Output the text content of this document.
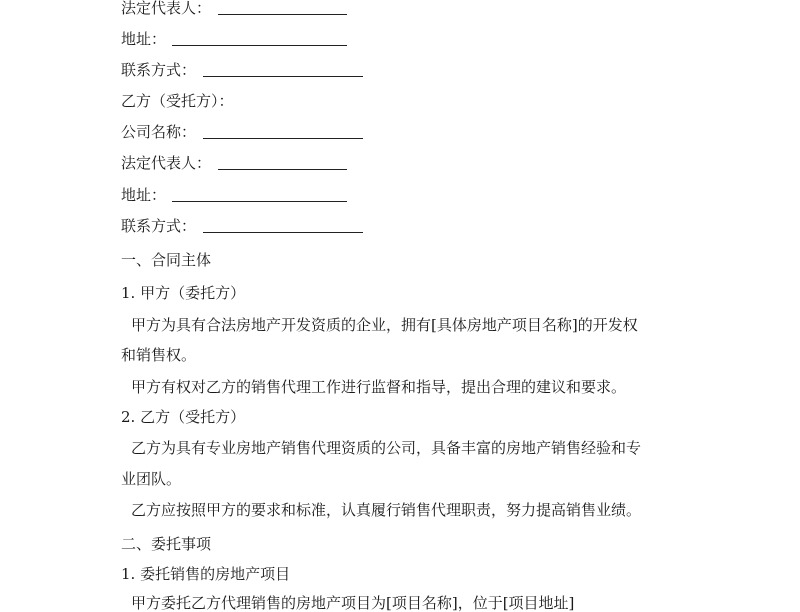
法定代表人：
地址：
联系方式：
乙方（受托方）：
公司名称：
法定代表人：
地址：
联系方式：
一、合同主体
1. 甲方（委托方）
甲方为具有合法房地产开发资质的企业，拥有[具体房地产项目名称]的开发权
和销售权。
甲方有权对乙方的销售代理工作进行监督和指导，提出合理的建议和要求。
2. 乙方（受托方）
乙方为具有专业房地产销售代理资质的公司，具备丰富的房地产销售经验和专
业团队。
乙方应按照甲方的要求和标准，认真履行销售代理职责，努力提高销售业绩。
二、委托事项
1. 委托销售的房地产项目
甲方委托乙方代理销售的房地产项目为[项目名称]，位于[项目地址]
